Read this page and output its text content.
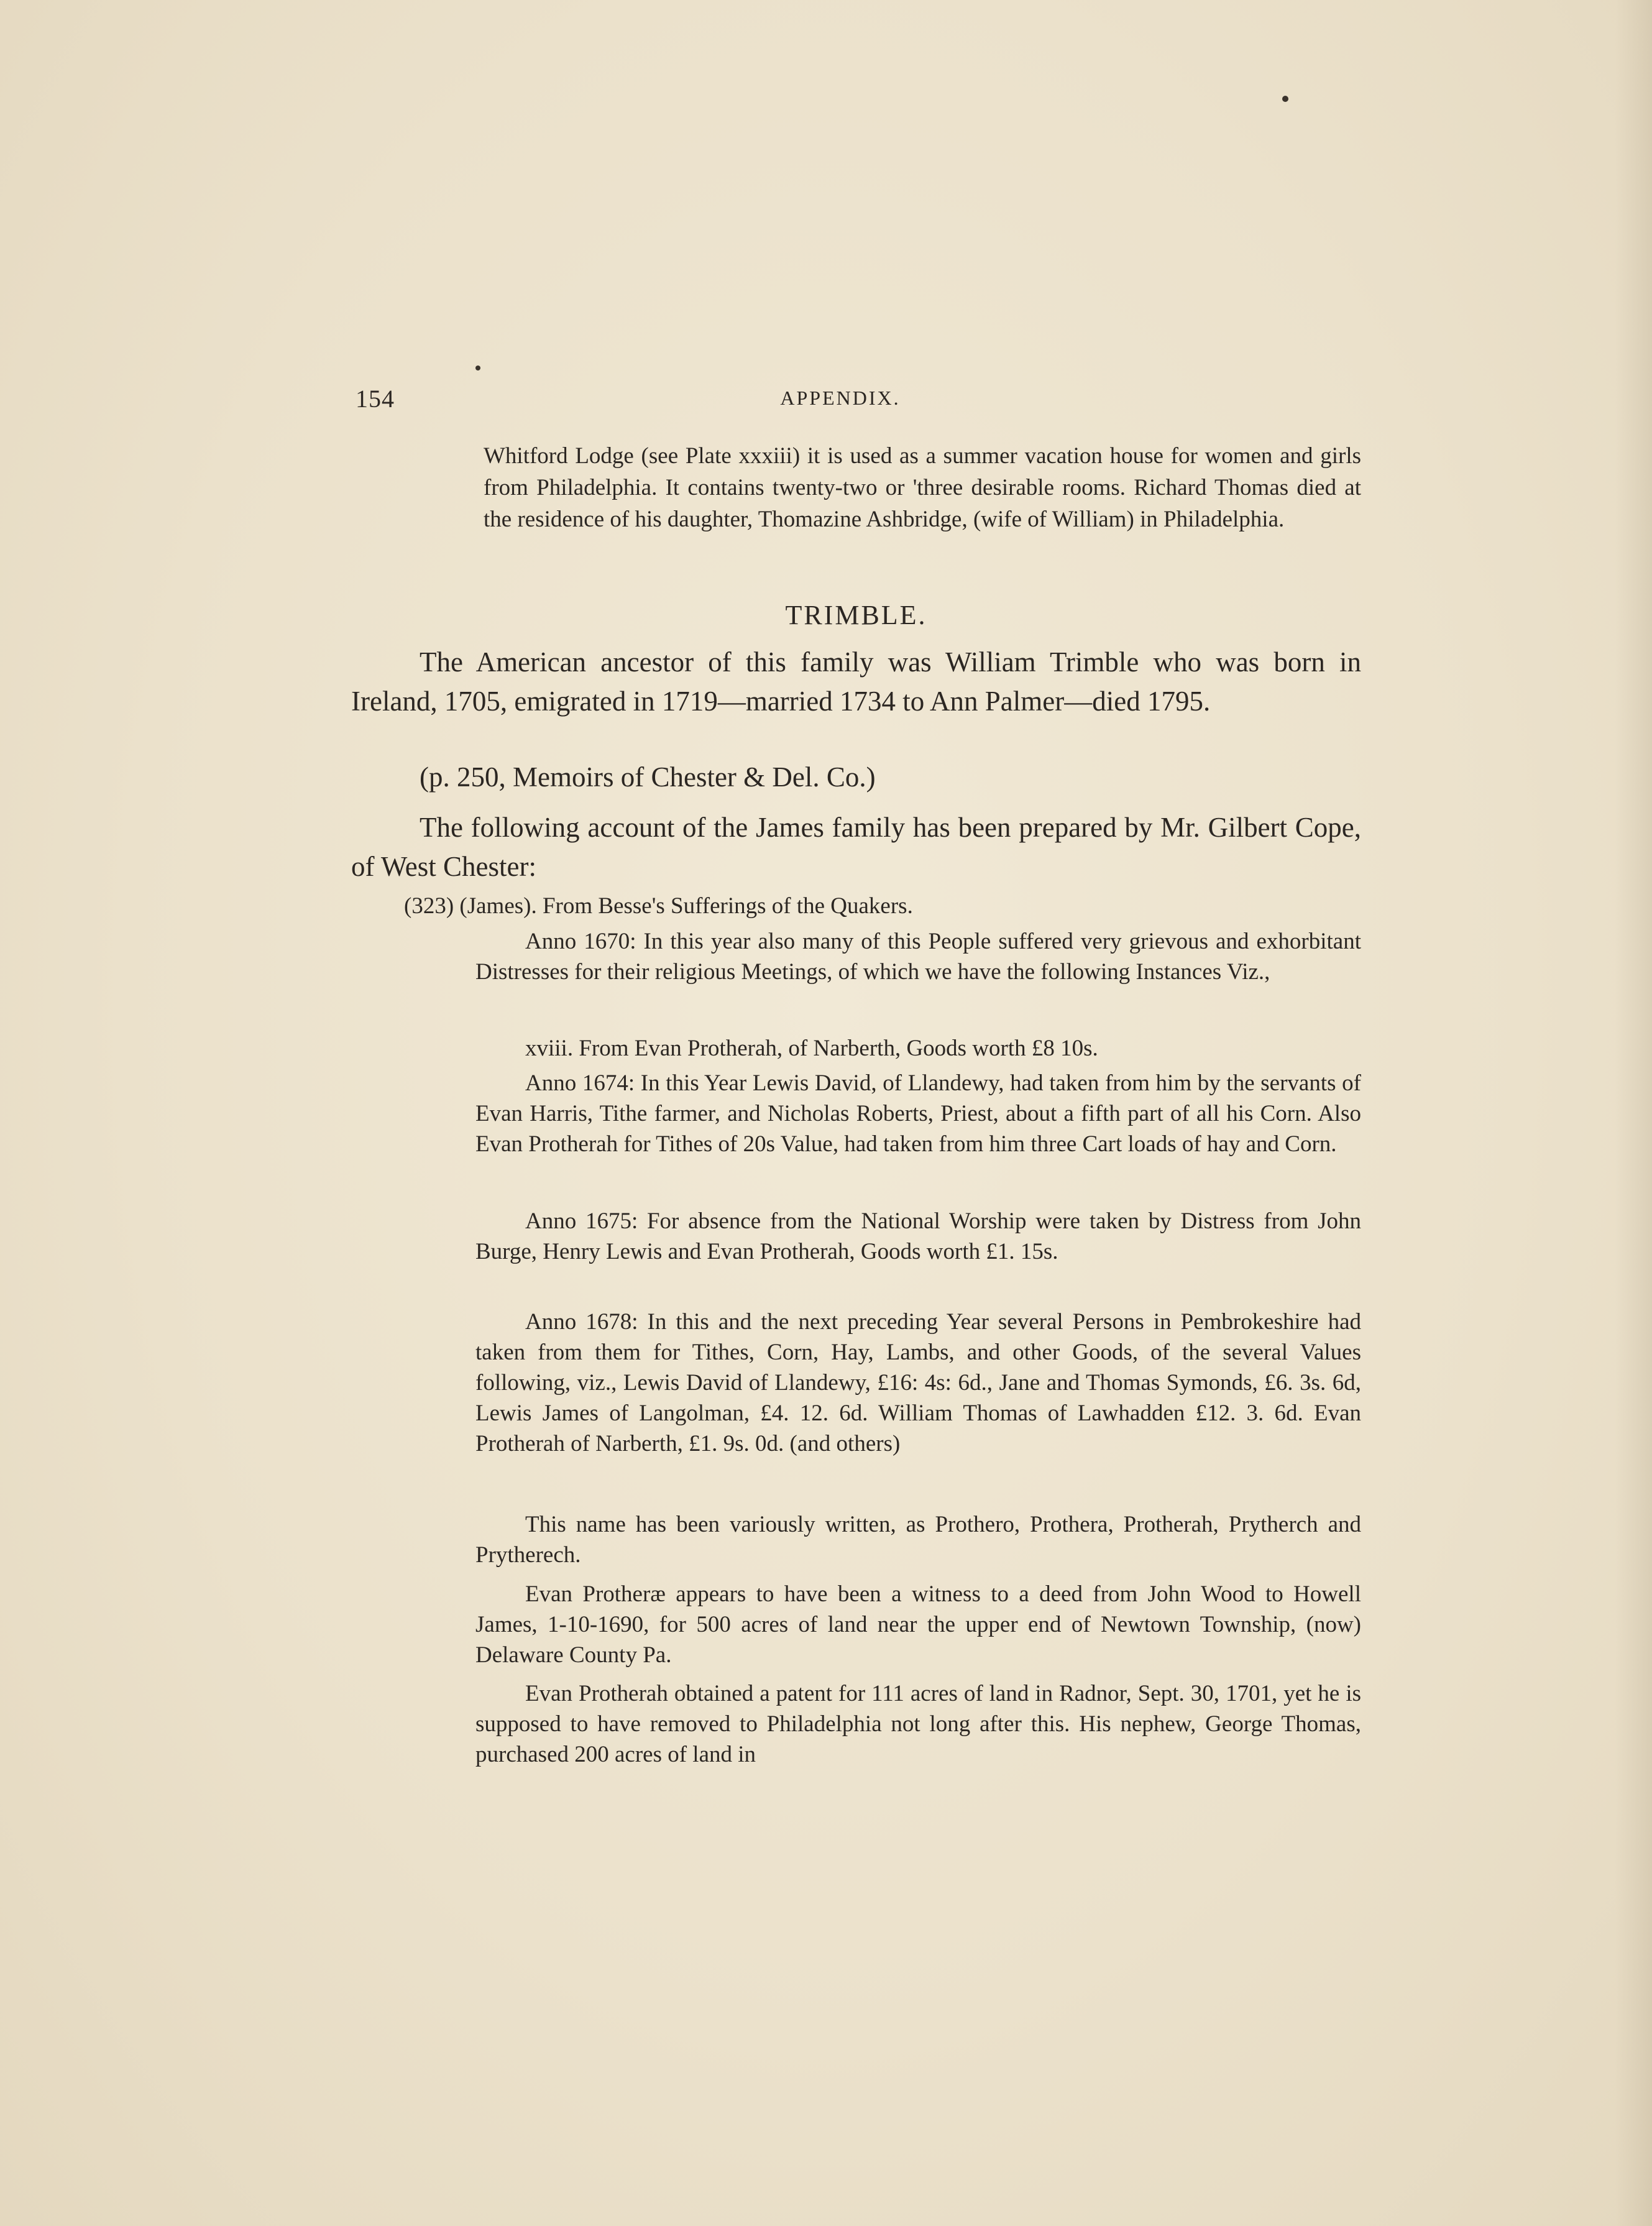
154	APPENDIX.

Whitford Lodge (see Plate xxxiii) it is used as a summer vacation house for women and girls from Philadelphia. It contains twenty-two or 'three desirable rooms. Richard Thomas died at the residence of his daughter, Thomazine Ashbridge, (wife of William) in Philadelphia.

TRIMBLE.

The American ancestor of this family was William Trimble who was born in Ireland, 1705, emigrated in 1719—married 1734 to Ann Palmer—died 1795.

(p. 250, Memoirs of Chester & Del. Co.)

The following account of the James family has been prepared by Mr. Gilbert Cope, of West Chester:

(323) (James). From Besse's Sufferings of the Quakers.

Anno 1670: In this year also many of this People suffered very grievous and exhorbitant Distresses for their religious Meetings, of which we have the following Instances Viz.,

xviii. From Evan Protherah, of Narberth, Goods worth £8 10s.

Anno 1674: In this Year Lewis David, of Llandewy, had taken from him by the servants of Evan Harris, Tithe farmer, and Nicholas Roberts, Priest, about a fifth part of all his Corn. Also Evan Protherah for Tithes of 20s Value, had taken from him three Cart loads of hay and Corn.

Anno 1675: For absence from the National Worship were taken by Distress from John Burge, Henry Lewis and Evan Protherah, Goods worth £1. 15s.

Anno 1678: In this and the next preceding Year several Persons in Pembrokeshire had taken from them for Tithes, Corn, Hay, Lambs, and other Goods, of the several Values following, viz., Lewis David of Llandewy, £16: 4s: 6d., Jane and Thomas Symonds, £6. 3s. 6d, Lewis James of Langolman, £4. 12. 6d. William Thomas of Lawhadden £12. 3. 6d. Evan Protherah of Narberth, £1. 9s. 0d. (and others)

This name has been variously written, as Prothero, Prothera, Protherah, Prytherch and Prytherech.

Evan Protheræ appears to have been a witness to a deed from John Wood to Howell James, 1-10-1690, for 500 acres of land near the upper end of Newtown Township, (now) Delaware County Pa.

Evan Protherah obtained a patent for 111 acres of land in Radnor, Sept. 30, 1701, yet he is supposed to have removed to Philadelphia not long after this. His nephew, George Thomas, purchased 200 acres of land in
